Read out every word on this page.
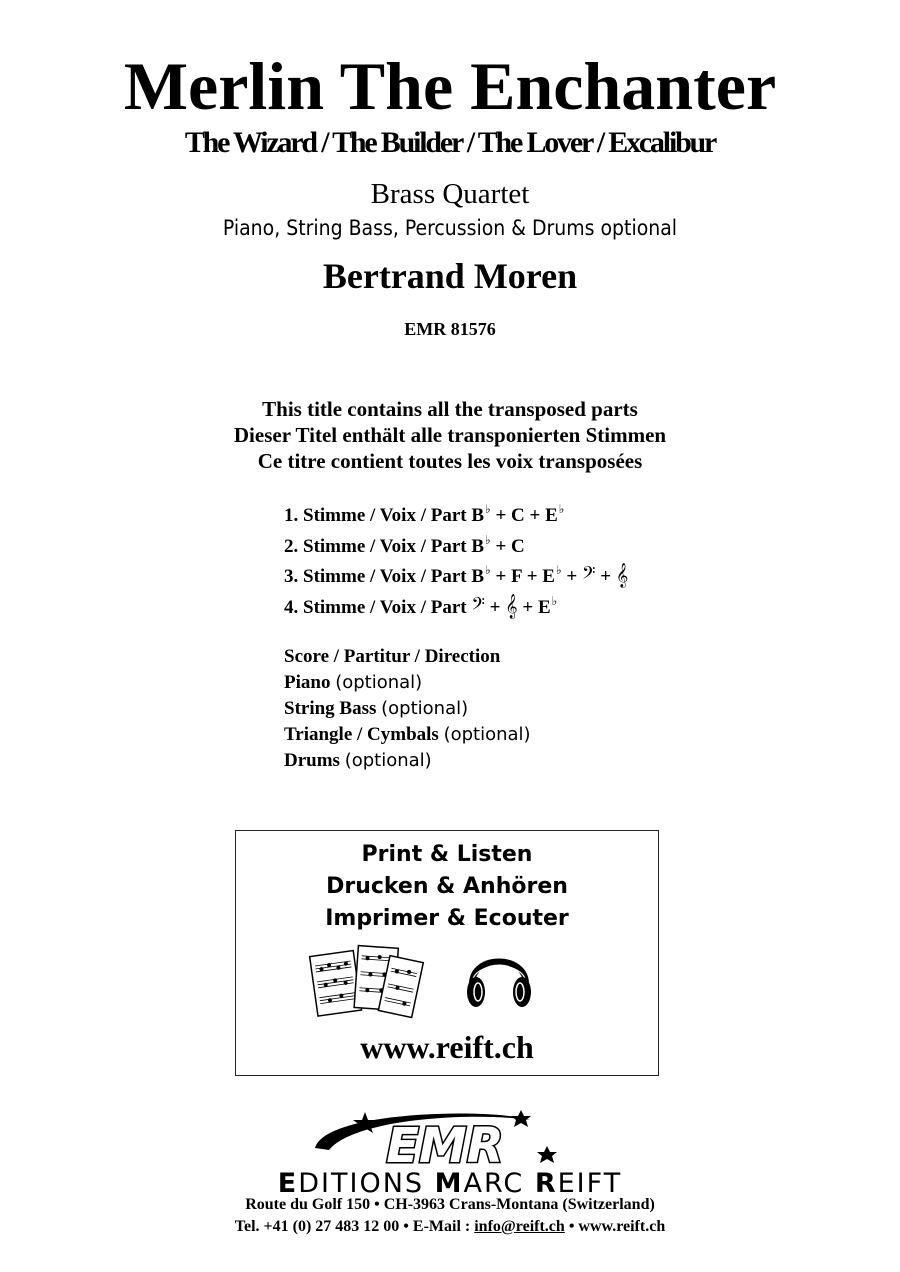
Merlin The Enchanter
The Wizard / The Builder / The Lover / Excalibur
Brass Quartet
Piano, String Bass, Percussion & Drums optional
Bertrand Moren
EMR 81576
This title contains all the transposed parts
Dieser Titel enthält alle transponierten Stimmen
Ce titre contient toutes les voix transposées
1. Stimme / Voix / Part B♭ + C + E♭
2. Stimme / Voix / Part B♭ + C
3. Stimme / Voix / Part B♭ + F + E♭ + 𝄢 + 𝄞
4. Stimme / Voix / Part 𝄢 + 𝄞 + E♭
Score / Partitur / Direction
Piano (optional)
String Bass (optional)
Triangle / Cymbals (optional)
Drums (optional)
Print & Listen
Drucken & Anhören
Imprimer & Ecouter
www.reift.ch
EMR
EDITIONS MARC REIFT
Route du Golf 150 • CH-3963 Crans-Montana (Switzerland)
Tel. +41 (0) 27 483 12 00 • E-Mail : info@reift.ch • www.reift.ch
